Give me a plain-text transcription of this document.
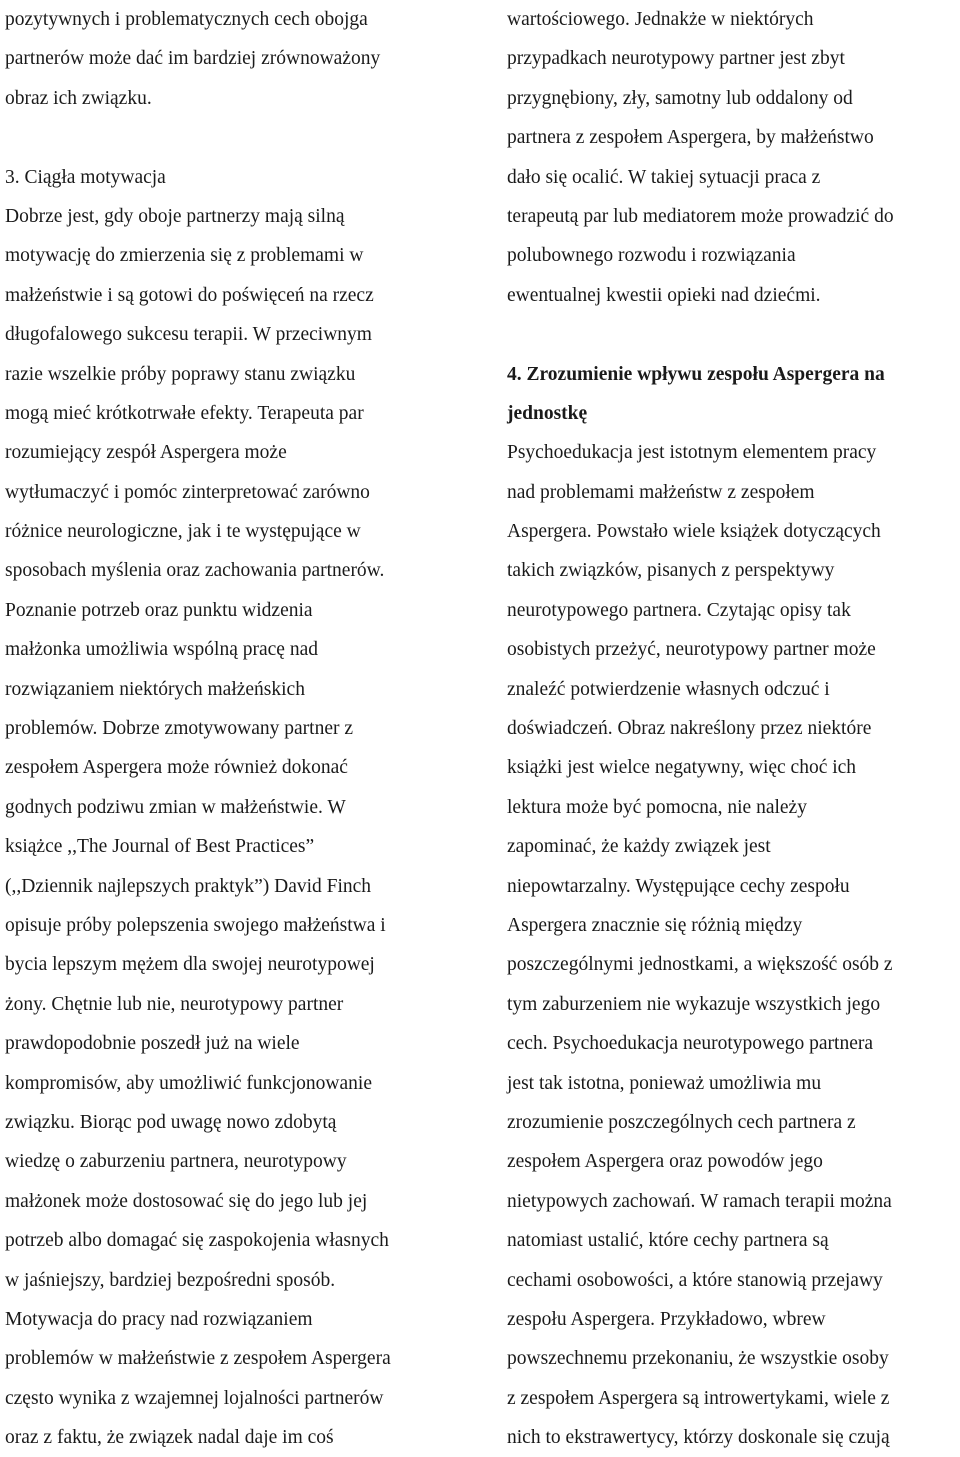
pozytywnych i problematycznych cech obojga
partnerów może dać im bardziej zrównoważony
obraz ich związku.
3. Ciągła motywacja
Dobrze jest, gdy oboje partnerzy mają silną
motywację do zmierzenia się z problemami w
małżeństwie i są gotowi do poświęceń na rzecz
długofalowego sukcesu terapii. W przeciwnym
razie wszelkie próby poprawy stanu związku
mogą mieć krótkotrwałe efekty. Terapeuta par
rozumiejący zespół Aspergera może
wytłumaczyć i pomóc zinterpretować zarówno
różnice neurologiczne, jak i te występujące w
sposobach myślenia oraz zachowania partnerów.
Poznanie potrzeb oraz punktu widzenia
małżonka umożliwia wspólną pracę nad
rozwiązaniem niektórych małżeńskich
problemów. Dobrze zmotywowany partner z
zespołem Aspergera może również dokonać
godnych podziwu zmian w małżeństwie. W
książce ,,The Journal of Best Practices”
(,,Dziennik najlepszych praktyk”) David Finch
opisuje próby polepszenia swojego małżeństwa i
bycia lepszym mężem dla swojej neurotypowej
żony. Chętnie lub nie, neurotypowy partner
prawdopodobnie poszedł już na wiele
kompromisów, aby umożliwić funkcjonowanie
związku. Biorąc pod uwagę nowo zdobytą
wiedzę o zaburzeniu partnera, neurotypowy
małżonek może dostosować się do jego lub jej
potrzeb albo domagać się zaspokojenia własnych
w jaśniejszy, bardziej bezpośredni sposób.
Motywacja do pracy nad rozwiązaniem
problemów w małżeństwie z zespołem Aspergera
często wynika z wzajemnej lojalności partnerów
oraz z faktu, że związek nadal daje im coś
wartościowego. Jednakże w niektórych
przypadkach neurotypowy partner jest zbyt
przygnębiony, zły, samotny lub oddalony od
partnera z zespołem Aspergera, by małżeństwo
dało się ocalić. W takiej sytuacji praca z
terapeutą par lub mediatorem może prowadzić do
polubownego rozwodu i rozwiązania
ewentualnej kwestii opieki nad dziećmi.
4. Zrozumienie wpływu zespołu Aspergera na
jednostkę
Psychoedukacja jest istotnym elementem pracy
nad problemami małżeństw z zespołem
Aspergera. Powstało wiele książek dotyczących
takich związków, pisanych z perspektywy
neurotypowego partnera. Czytając opisy tak
osobistych przeżyć, neurotypowy partner może
znaleźć potwierdzenie własnych odczuć i
doświadczeń. Obraz nakreślony przez niektóre
książki jest wielce negatywny, więc choć ich
lektura może być pomocna, nie należy
zapominać, że każdy związek jest
niepowtarzalny. Występujące cechy zespołu
Aspergera znacznie się różnią między
poszczególnymi jednostkami, a większość osób z
tym zaburzeniem nie wykazuje wszystkich jego
cech. Psychoedukacja neurotypowego partnera
jest tak istotna, ponieważ umożliwia mu
zrozumienie poszczególnych cech partnera z
zespołem Aspergera oraz powodów jego
nietypowych zachowań. W ramach terapii można
natomiast ustalić, które cechy partnera są
cechami osobowości, a które stanowią przejawy
zespołu Aspergera. Przykładowo, wbrew
powszechnemu przekonaniu, że wszystkie osoby
z zespołem Aspergera są introwertykami, wiele z
nich to ekstrawertycy, którzy doskonale się czują
